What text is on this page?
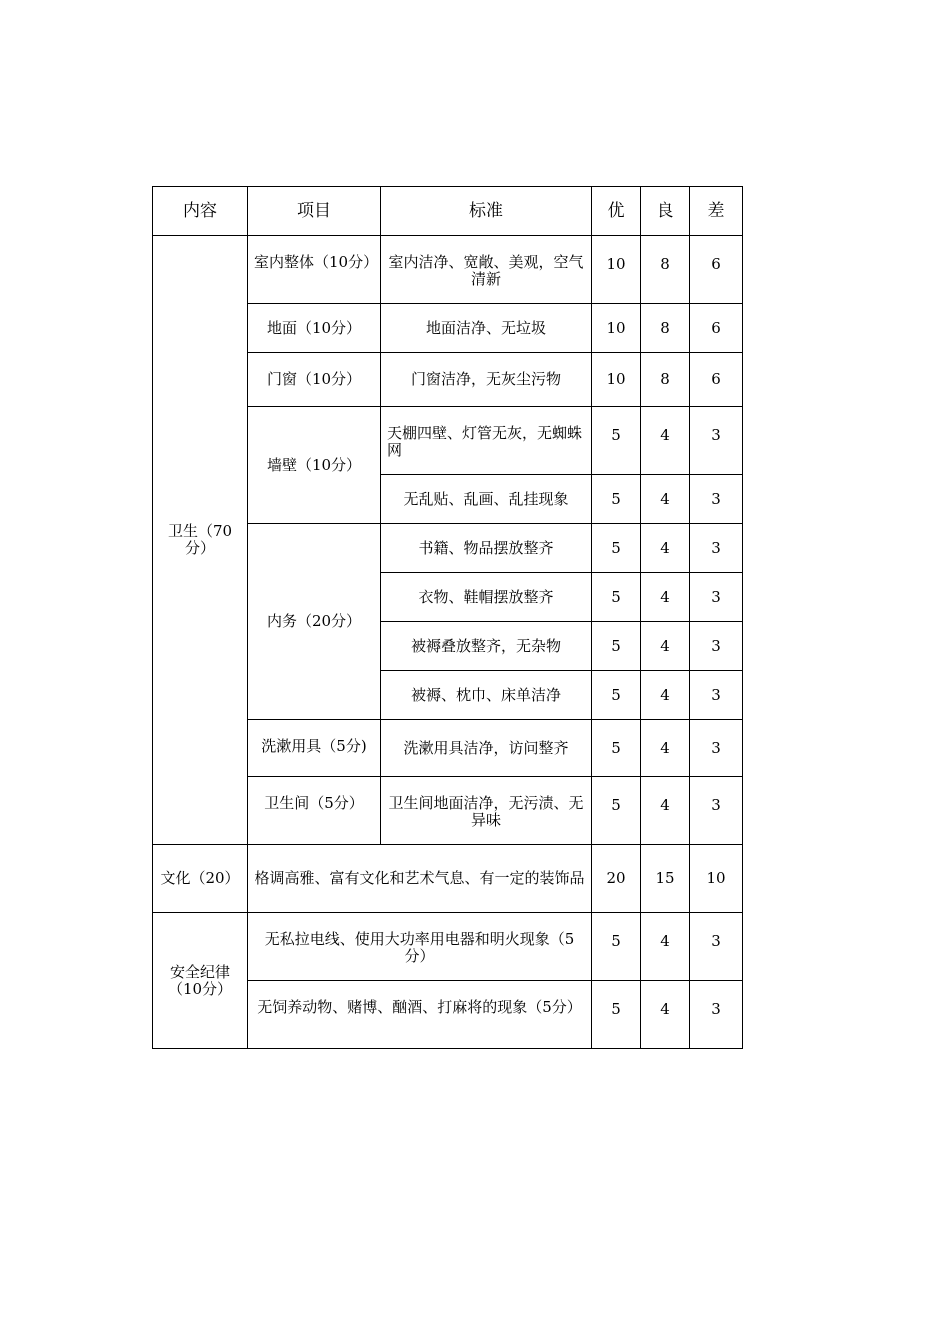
内容	项目	标准	优	良	差
卫生（70分）	室内整体（10分）	室内洁净、宽敞、美观，空气清新	10	8	6
	地面（10分）	地面洁净、无垃圾	10	8	6
	门窗（10分）	门窗洁净，无灰尘污物	10	8	6
	墙壁（10分）	天棚四壁、灯管无灰，无蜘蛛网	5	4	3
		无乱贴、乱画、乱挂现象	5	4	3
	内务（20分）	书籍、物品摆放整齐	5	4	3
		衣物、鞋帽摆放整齐	5	4	3
		被褥叠放整齐，无杂物	5	4	3
		被褥、枕巾、床单洁净	5	4	3
	洗漱用具（5分)	洗漱用具洁净，访问整齐	5	4	3
	卫生间（5分）	卫生间地面洁净，无污渍、无异味	5	4	3
文化（20）	格调高雅、富有文化和艺术气息、有一定的装饰品		20	15	10
安全纪律（10分）	无私拉电线、使用大功率用电器和明火现象（5分）		5	4	3
	无饲养动物、赌博、酗酒、打麻将的现象（5分）		5	4	3
